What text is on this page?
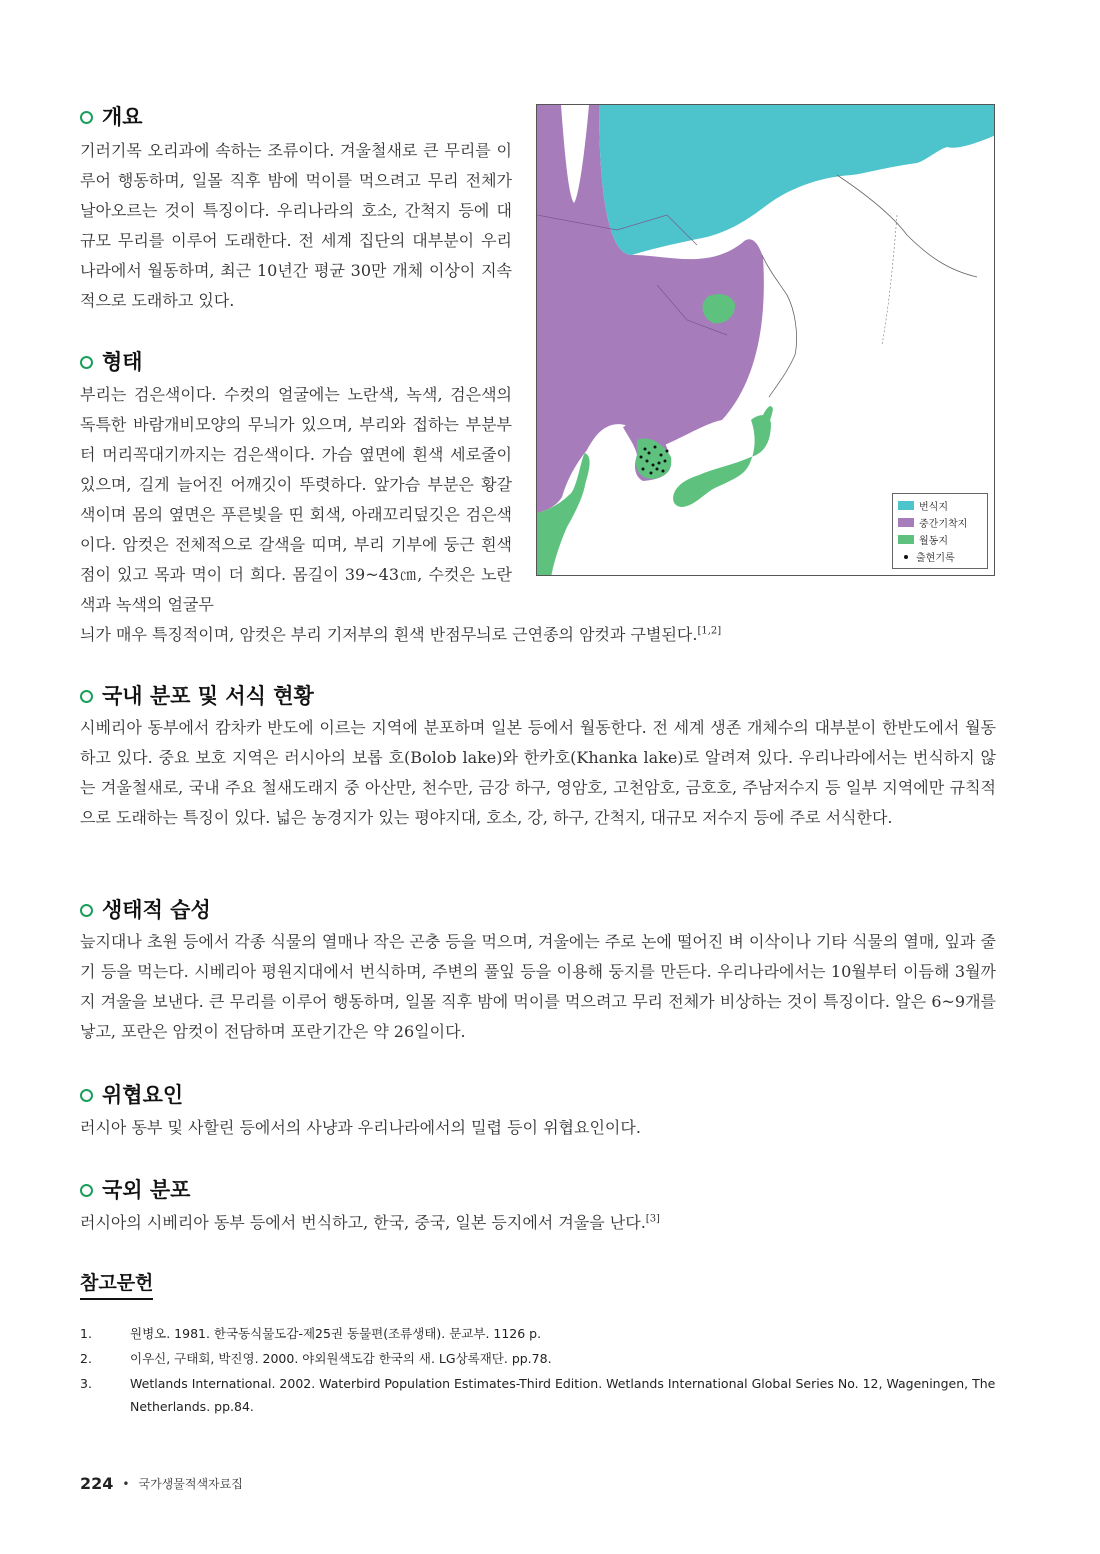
개요

기러기목 오리과에 속하는 조류이다. 겨울철새로 큰 무리를 이루어 행동하며, 일몰 직후 밤에 먹이를 먹으려고 무리 전체가 날아오르는 것이 특징이다. 우리나라의 호소, 간척지 등에 대규모 무리를 이루어 도래한다. 전 세계 집단의 대부분이 우리나라에서 월동하며, 최근 10년간 평균 30만 개체 이상이 지속적으로 도래하고 있다.

형태

부리는 검은색이다. 수컷의 얼굴에는 노란색, 녹색, 검은색의 독특한 바람개비모양의 무늬가 있으며, 부리와 접하는 부분부터 머리꼭대기까지는 검은색이다. 가슴 옆면에 흰색 세로줄이 있으며, 길게 늘어진 어깨깃이 뚜렷하다. 앞가슴 부분은 황갈색이며 몸의 옆면은 푸른빛을 띤 회색, 아래꼬리덮깃은 검은색이다. 암컷은 전체적으로 갈색을 띠며, 부리 기부에 둥근 흰색 점이 있고 목과 멱이 더 희다. 몸길이 39~43㎝, 수컷은 노란색과 녹색의 얼굴무

늬가 매우 특징적이며, 암컷은 부리 기저부의 흰색 반점무늬로 근연종의 암컷과 구별된다.[1,2]

번식지
중간기착지
월동지
출현기록
국내 분포 및 서식 현황

시베리아 동부에서 캄차카 반도에 이르는 지역에 분포하며 일본 등에서 월동한다. 전 세계 생존 개체수의 대부분이 한반도에서 월동하고 있다. 중요 보호 지역은 러시아의 보롭 호(Bolob lake)와 한카호(Khanka lake)로 알려져 있다. 우리나라에서는 번식하지 않는 겨울철새로, 국내 주요 철새도래지 중 아산만, 천수만, 금강 하구, 영암호, 고천암호, 금호호, 주남저수지 등 일부 지역에만 규칙적으로 도래하는 특징이 있다. 넓은 농경지가 있는 평야지대, 호소, 강, 하구, 간척지, 대규모 저수지 등에 주로 서식한다.

생태적 습성

늪지대나 초원 등에서 각종 식물의 열매나 작은 곤충 등을 먹으며, 겨울에는 주로 논에 떨어진 벼 이삭이나 기타 식물의 열매, 잎과 줄기 등을 먹는다. 시베리아 평원지대에서 번식하며, 주변의 풀잎 등을 이용해 둥지를 만든다. 우리나라에서는 10월부터 이듬해 3월까지 겨울을 보낸다. 큰 무리를 이루어 행동하며, 일몰 직후 밤에 먹이를 먹으려고 무리 전체가 비상하는 것이 특징이다. 알은 6~9개를 낳고, 포란은 암컷이 전담하며 포란기간은 약 26일이다.

위협요인

러시아 동부 및 사할린 등에서의 사냥과 우리나라에서의 밀렵 등이 위협요인이다.

국외 분포

러시아의 시베리아 동부 등에서 번식하고, 한국, 중국, 일본 등지에서 겨울을 난다.[3]

참고문헌
1.	원병오. 1981. 한국동식물도감-제25권 동물편(조류생태). 문교부. 1126 p.
2.	이우신, 구태회, 박진영. 2000. 야외원색도감 한국의 새. LG상록재단. pp.78.
3.	Wetlands International. 2002. Waterbird Population Estimates-Third Edition. Wetlands International Global Series No. 12, Wageningen, The Netherlands. pp.84.
224 • 국가생물적색자료집
